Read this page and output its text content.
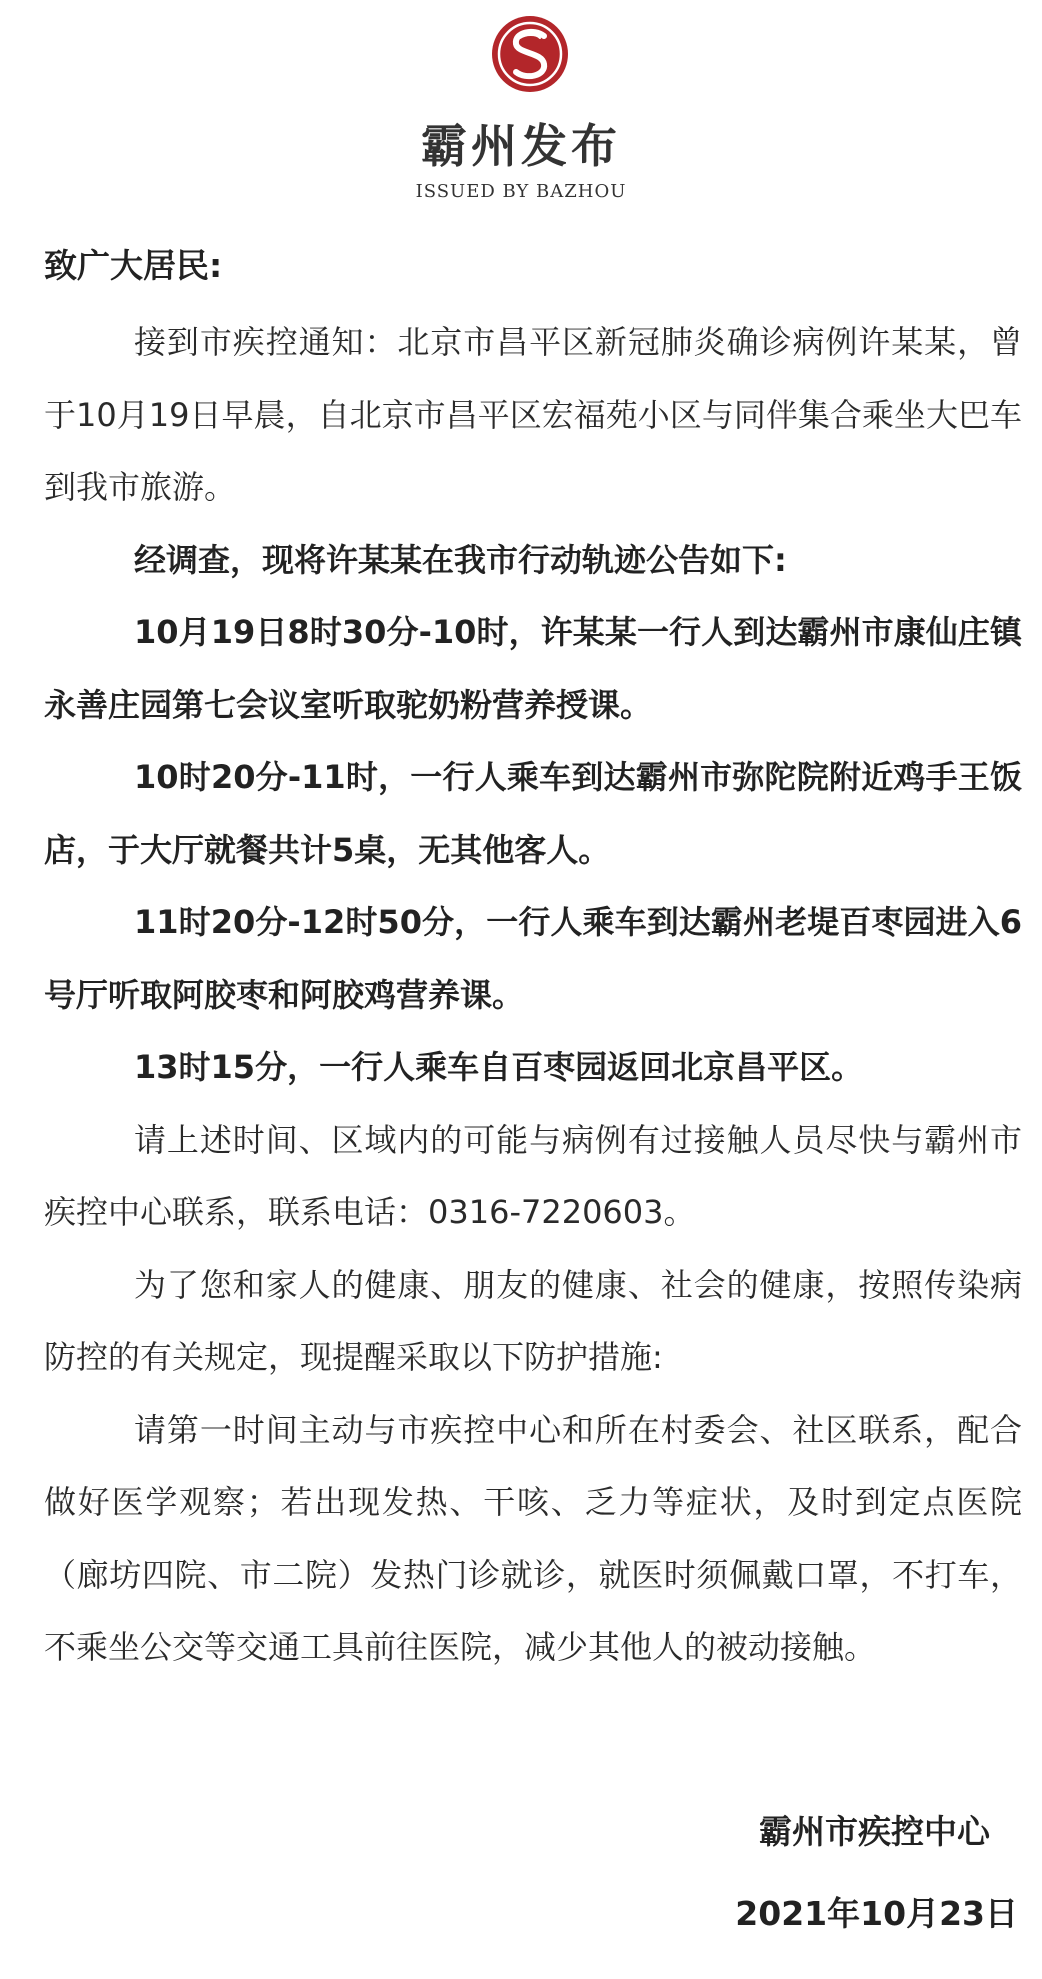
霸州发布
ISSUED BY BAZHOU
致广大居民:

接到市疾控通知：北京市昌平区新冠肺炎确诊病例许某某，曾于10月19日早晨，自北京市昌平区宏福苑小区与同伴集合乘坐大巴车到我市旅游。

经调查，现将许某某在我市行动轨迹公告如下:

10月19日8时30分-10时，许某某一行人到达霸州市康仙庄镇永善庄园第七会议室听取驼奶粉营养授课。

10时20分-11时，一行人乘车到达霸州市弥陀院附近鸡手王饭店，于大厅就餐共计5桌，无其他客人。

11时20分-12时50分，一行人乘车到达霸州老堤百枣园进入6号厅听取阿胶枣和阿胶鸡营养课。

13时15分，一行人乘车自百枣园返回北京昌平区。

请上述时间、区域内的可能与病例有过接触人员尽快与霸州市疾控中心联系，联系电话：0316-7220603。

为了您和家人的健康、朋友的健康、社会的健康，按照传染病防控的有关规定，现提醒采取以下防护措施:

请第一时间主动与市疾控中心和所在村委会、社区联系，配合做好医学观察；若出现发热、干咳、乏力等症状，及时到定点医院（廊坊四院、市二院）发热门诊就诊，就医时须佩戴口罩，不打车，不乘坐公交等交通工具前往医院，减少其他人的被动接触。

霸州市疾控中心
2021年10月23日
